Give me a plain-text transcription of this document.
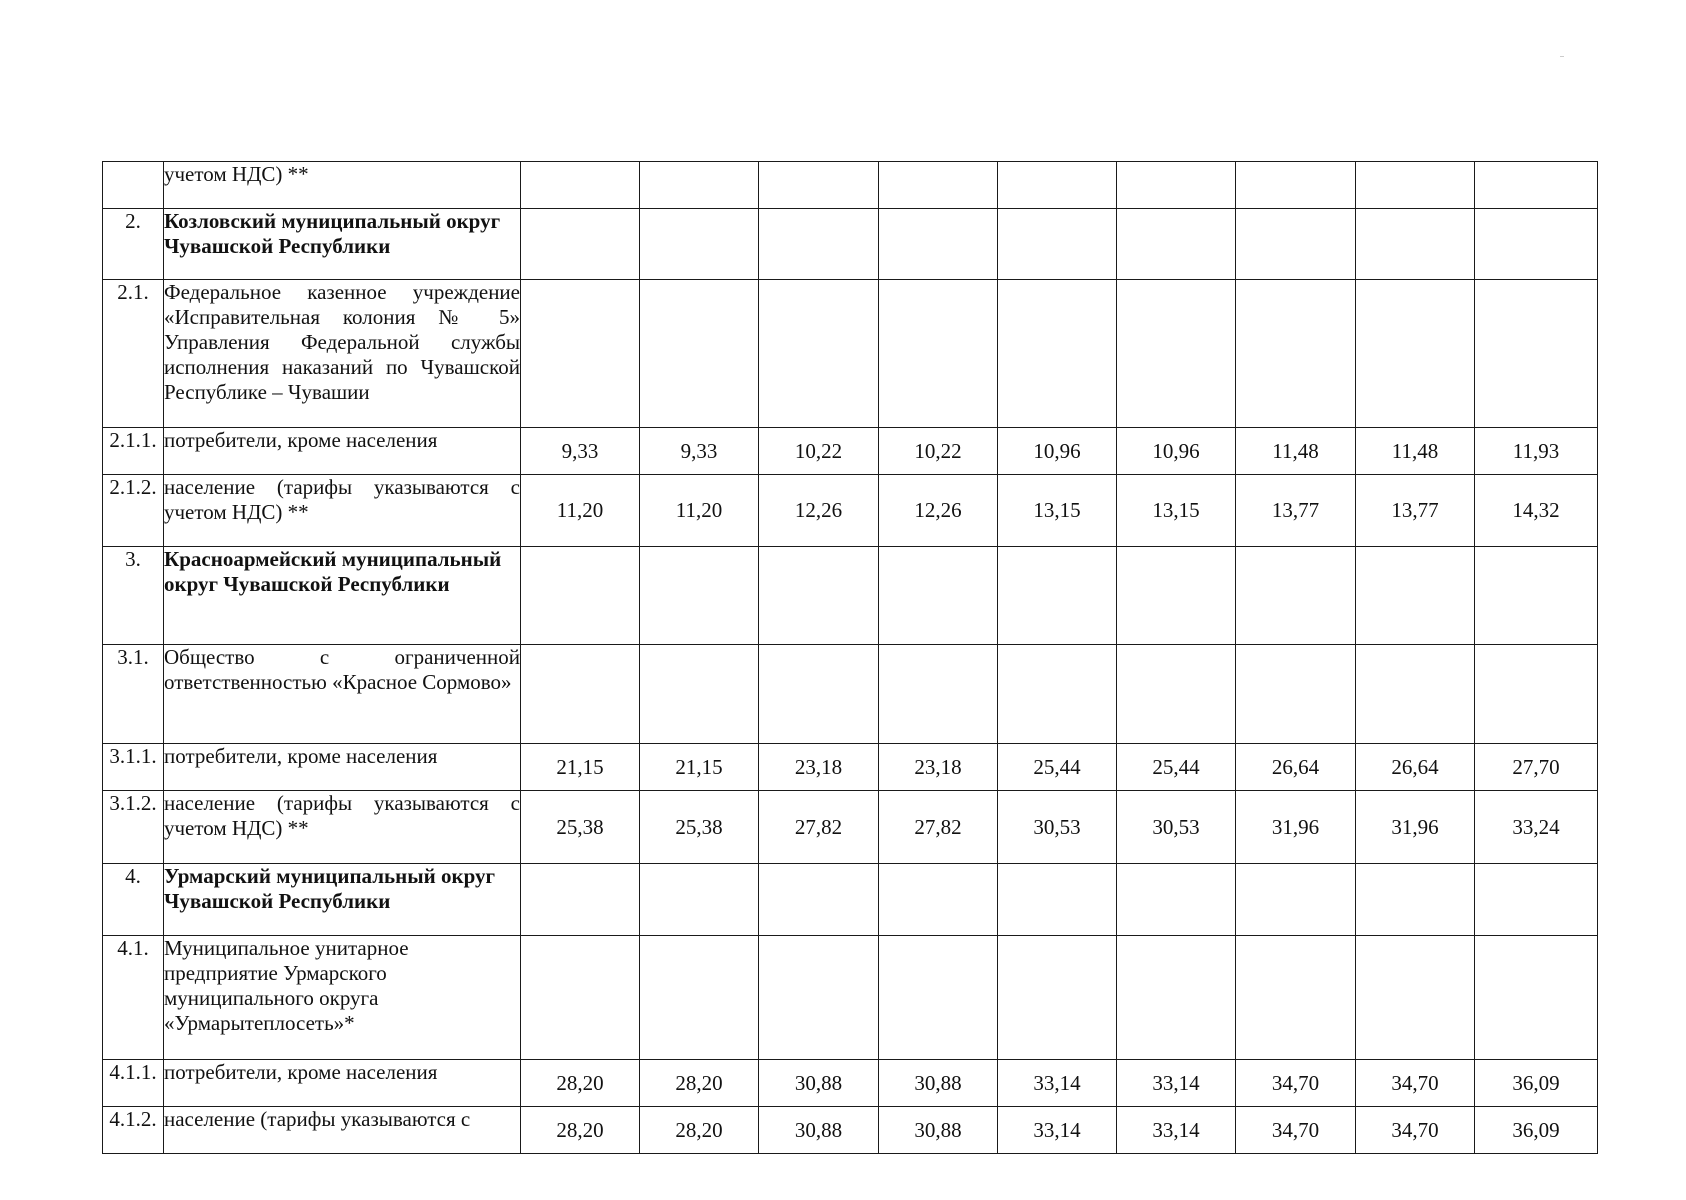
	учетом НДС) **									
2.	Козловский муниципальный округ Чувашской Республики									
2.1.	Федеральное казенное учреждение «Исправительная колония № 5» Управления Федеральной службы исполнения наказаний по Чувашской Республике – Чувашии									
2.1.1.	потребители, кроме населения	9,33	9,33	10,22	10,22	10,96	10,96	11,48	11,48	11,93
2.1.2.	население (тарифы указываются с учетом НДС) **	11,20	11,20	12,26	12,26	13,15	13,15	13,77	13,77	14,32
3.	Красноармейский муниципальный округ Чувашской Республики									
3.1.	Общество с ограниченной ответственностью «Красное Сормово»									
3.1.1.	потребители, кроме населения	21,15	21,15	23,18	23,18	25,44	25,44	26,64	26,64	27,70
3.1.2.	население (тарифы указываются с учетом НДС) **	25,38	25,38	27,82	27,82	30,53	30,53	31,96	31,96	33,24
4.	Урмарский муниципальный округ Чувашской Республики									
4.1.	Муниципальное унитарное предприятие Урмарского муниципального округа «Урмарытеплосеть»*									
4.1.1.	потребители, кроме населения	28,20	28,20	30,88	30,88	33,14	33,14	34,70	34,70	36,09
4.1.2.	население (тарифы указываются с	28,20	28,20	30,88	30,88	33,14	33,14	34,70	34,70	36,09
